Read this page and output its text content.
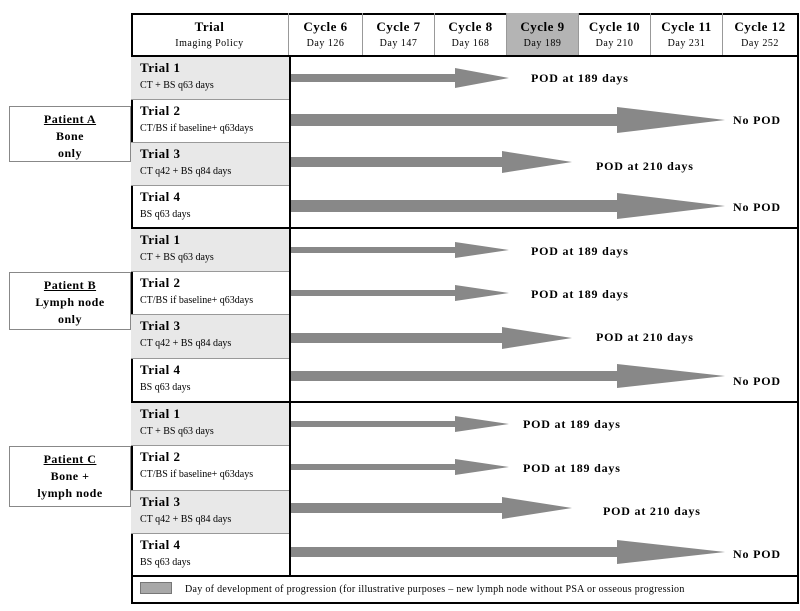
Trial
Imaging Policy
Cycle 6
Day 126
Cycle 7
Day 147
Cycle 8
Day 168
Cycle 9
Day 189
Cycle 10
Day 210
Cycle 11
Day 231
Cycle 12
Day 252
Trial 1
CT + BS q63 days
Trial 2
CT/BS if baseline+ q63days
Trial 3
CT q42 + BS q84 days
Trial 4
BS q63 days
POD at 189 days
No POD
POD at 210 days
No POD
Patient A
Bone
only
Trial 1
CT + BS q63 days
Trial 2
CT/BS if baseline+ q63days
Trial 3
CT q42 + BS q84 days
Trial 4
BS q63 days
POD at 189 days
POD at 189 days
POD at 210 days
No POD
Patient B
Lymph node
only
Trial 1
CT + BS q63 days
Trial 2
CT/BS if baseline+ q63days
Trial 3
CT q42 + BS q84 days
Trial 4
BS q63 days
POD at 189 days
POD at 189 days
POD at 210 days
No POD
Patient C
Bone +
lymph node
Day of development of progression (for illustrative purposes – new lymph node without PSA or osseous progression
